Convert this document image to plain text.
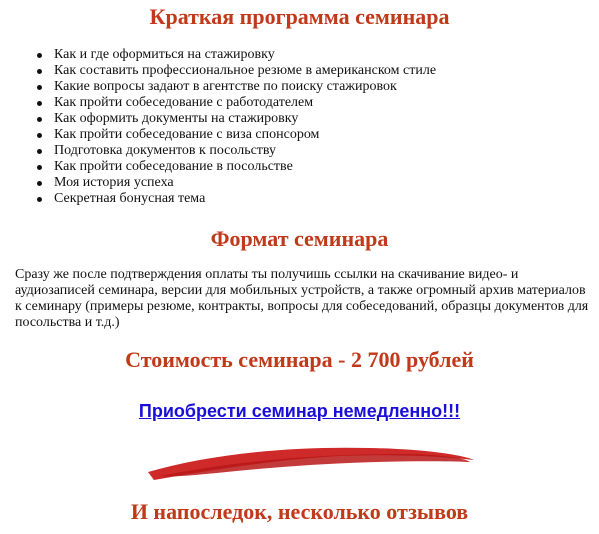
Краткая программа семинара
Как и где оформиться на стажировку
Как составить профессиональное резюме в американском стиле
Какие вопросы задают в агентстве по поиску стажировок
Как пройти собеседование с работодателем
Как оформить документы на стажировку
Как пройти собеседование с виза спонсором
Подготовка документов к посольству
Как пройти собеседование в посольстве
Моя история успеха
Секретная бонусная тема
Формат семинара

Сразу же после подтверждения оплаты ты получишь ссылки на скачивание видео- и аудиозаписей семинара, версии для мобильных устройств, а также огромный архив материалов к семинару (примеры резюме, контракты, вопросы для собеседований, образцы документов для посольства и т.д.)

Стоимость семинара - 2 700 рублей
Приобрести семинар немедленно!!!
И напоследок, несколько отзывов
